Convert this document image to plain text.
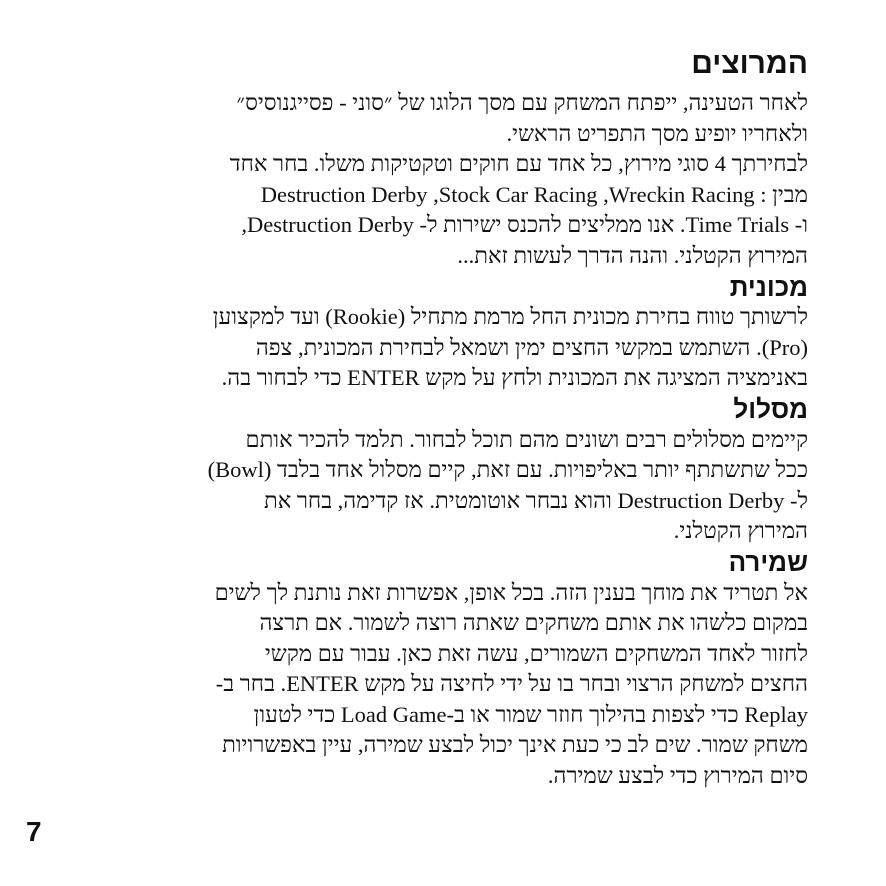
המרוצים
לאחר הטעינה, ייפתח המשחק עם מסך הלוגו של ״סוני - פסייגנוסיס״
ולאחריו יופיע מסך התפריט הראשי.
לבחירתך 4 סוגי מירוץ, כל אחד עם חוקים וטקטיקות משלו. בחר אחד
מבין : Destruction Derby ,Stock Car Racing ,Wreckin Racing
ו- Time Trials. אנו ממליצים להכנס ישירות ל- Destruction Derby,
המירוץ הקטלני. והנה הדרך לעשות זאת...
מכונית
לרשותך טווח בחירת מכונית החל מרמת מתחיל (Rookie) ועד למקצוען
(Pro). השתמש במקשי החצים ימין ושמאל לבחירת המכונית, צפה
באנימציה המציגה את המכונית ולחץ על מקש ENTER כדי לבחור בה.
מסלול
קיימים מסלולים רבים ושונים מהם תוכל לבחור. תלמד להכיר אותם
ככל שתשתתף יותר באליפויות. עם זאת, קיים מסלול אחד בלבד (Bowl)
ל- Destruction Derby והוא נבחר אוטומטית. אז קדימה, בחר את
המירוץ הקטלני.
שמירה
אל תטריד את מוחך בענין הזה. בכל אופן, אפשרות זאת נותנת לך לשים
במקום כלשהו את אותם משחקים שאתה רוצה לשמור. אם תרצה
לחזור לאחד המשחקים השמורים, עשה זאת כאן. עבור עם מקשי
החצים למשחק הרצוי ובחר בו על ידי לחיצה על מקש ENTER. בחר ב-
Replay כדי לצפות בהילוך חוזר שמור או ב-Load Game כדי לטעון
משחק שמור. שים לב כי כעת אינך יכול לבצע שמירה, עיין באפשרויות
סיום המירוץ כדי לבצע שמירה.
7
